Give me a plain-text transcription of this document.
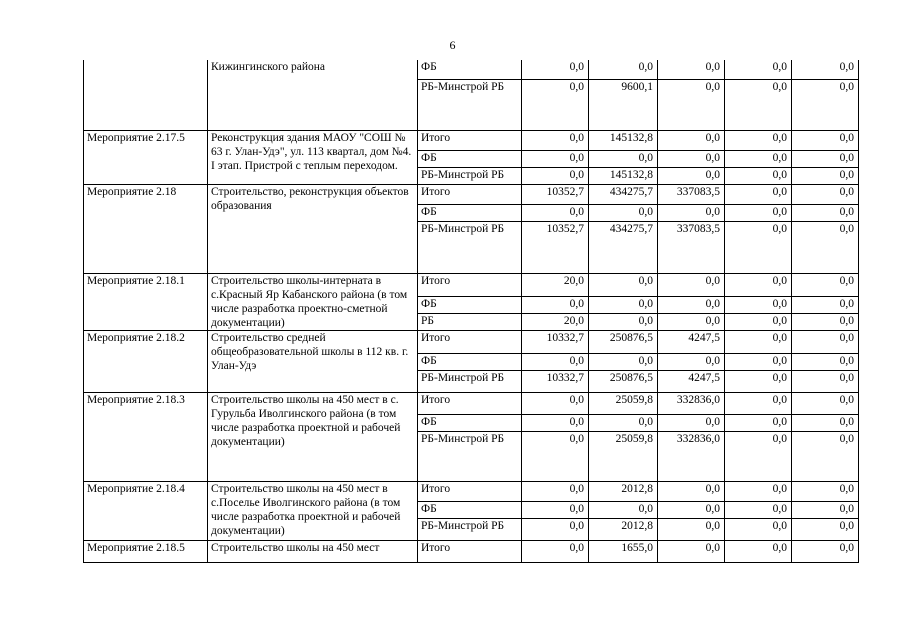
6
	Кижингинского района	ФБ	0,0	0,0	0,0	0,0	0,0
		РБ-Минстрой РБ	0,0	9600,1	0,0	0,0	0,0
Мероприятие 2.17.5	Реконструкция здания МАОУ "СОШ № 63 г. Улан-Удэ", ул. 113 квартал, дом №4. I этап. Пристрой с теплым переходом.	Итого	0,0	145132,8	0,0	0,0	0,0
		ФБ	0,0	0,0	0,0	0,0	0,0
		РБ-Минстрой РБ	0,0	145132,8	0,0	0,0	0,0
Мероприятие 2.18	Строительство, реконструкция объектов образования	Итого	10352,7	434275,7	337083,5	0,0	0,0
		ФБ	0,0	0,0	0,0	0,0	0,0
		РБ-Минстрой РБ	10352,7	434275,7	337083,5	0,0	0,0
Мероприятие 2.18.1	Строительство школы-интерната в с.Красный Яр Кабанского района (в том числе разработка проектно-сметной документации)	Итого	20,0	0,0	0,0	0,0	0,0
		ФБ	0,0	0,0	0,0	0,0	0,0
		РБ	20,0	0,0	0,0	0,0	0,0
Мероприятие 2.18.2	Строительство средней общеобразовательной школы в 112 кв. г. Улан-Удэ	Итого	10332,7	250876,5	4247,5	0,0	0,0
		ФБ	0,0	0,0	0,0	0,0	0,0
		РБ-Минстрой РБ	10332,7	250876,5	4247,5	0,0	0,0
Мероприятие 2.18.3	Строительство школы на 450 мест в с. Гурульба Иволгинского района (в том числе разработка проектной и рабочей документации)	Итого	0,0	25059,8	332836,0	0,0	0,0
		ФБ	0,0	0,0	0,0	0,0	0,0
		РБ-Минстрой РБ	0,0	25059,8	332836,0	0,0	0,0
Мероприятие 2.18.4	Строительство школы на 450 мест в с.Поселье Иволгинского района (в том числе разработка проектной и рабочей документации)	Итого	0,0	2012,8	0,0	0,0	0,0
		ФБ	0,0	0,0	0,0	0,0	0,0
		РБ-Минстрой РБ	0,0	2012,8	0,0	0,0	0,0
Мероприятие 2.18.5	Строительство школы на 450 мест	Итого	0,0	1655,0	0,0	0,0	0,0
